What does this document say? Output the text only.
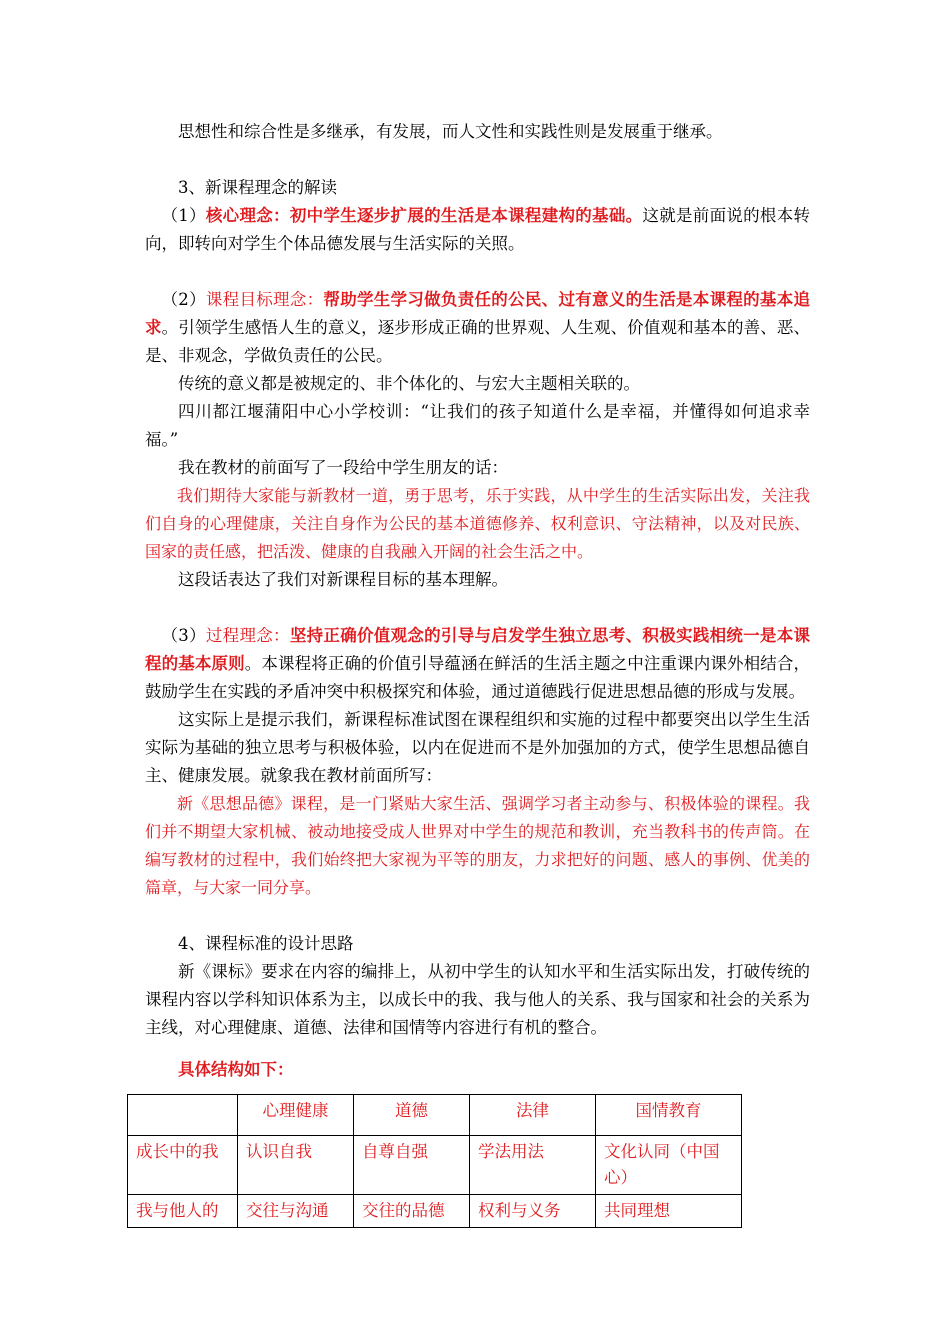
思想性和综合性是多继承，有发展，而人文性和实践性则是发展重于继承。

3、新课程理念的解读

（1）核心理念：初中学生逐步扩展的生活是本课程建构的基础。这就是前面说的根本转向，即转向对学生个体品德发展与生活实际的关照。

（2）课程目标理念：帮助学生学习做负责任的公民、过有意义的生活是本课程的基本追求。引领学生感悟人生的意义，逐步形成正确的世界观、人生观、价值观和基本的善、恶、是、非观念，学做负责任的公民。

传统的意义都是被规定的、非个体化的、与宏大主题相关联的。

四川都江堰蒲阳中心小学校训：“让我们的孩子知道什么是幸福，并懂得如何追求幸福。”

我在教材的前面写了一段给中学生朋友的话：

我们期待大家能与新教材一道，勇于思考，乐于实践，从中学生的生活实际出发，关注我们自身的心理健康，关注自身作为公民的基本道德修养、权利意识、守法精神，以及对民族、国家的责任感，把活泼、健康的自我融入开阔的社会生活之中。

这段话表达了我们对新课程目标的基本理解。

（3）过程理念：坚持正确价值观念的引导与启发学生独立思考、积极实践相统一是本课程的基本原则。本课程将正确的价值引导蕴涵在鲜活的生活主题之中注重课内课外相结合，鼓励学生在实践的矛盾冲突中积极探究和体验，通过道德践行促进思想品德的形成与发展。

这实际上是提示我们，新课程标准试图在课程组织和实施的过程中都要突出以学生生活实际为基础的独立思考与积极体验，以内在促进而不是外加强加的方式，使学生思想品德自主、健康发展。就象我在教材前面所写：

新《思想品德》课程，是一门紧贴大家生活、强调学习者主动参与、积极体验的课程。我们并不期望大家机械、被动地接受成人世界对中学生的规范和教训，充当教科书的传声筒。在编写教材的过程中，我们始终把大家视为平等的朋友，力求把好的问题、感人的事例、优美的篇章，与大家一同分享。

4、课程标准的设计思路

新《课标》要求在内容的编排上，从初中学生的认知水平和生活实际出发，打破传统的课程内容以学科知识体系为主，以成长中的我、我与他人的关系、我与国家和社会的关系为主线，对心理健康、道德、法律和国情等内容进行有机的整合。

具体结构如下：

	心理健康	道德	法律	国情教育
成长中的我	认识自我	自尊自强	学法用法	文化认同（中国心）
我与他人的	交往与沟通	交往的品德	权利与义务	共同理想
